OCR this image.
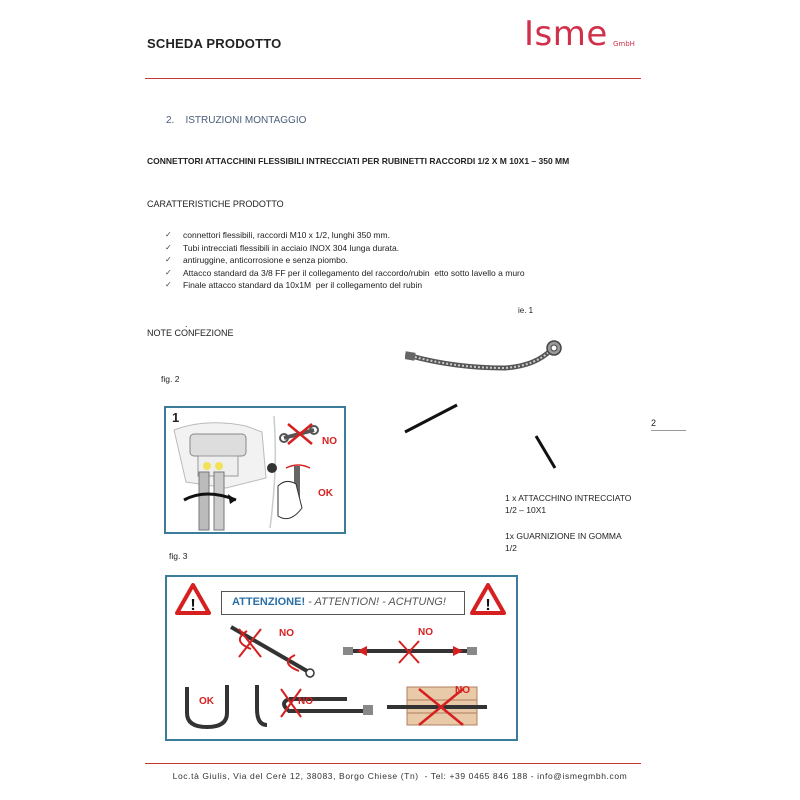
SCHEDA PRODOTTO	Isme GmbH
2.    ISTRUZIONI MONTAGGIO
CONNETTORI ATTACCHINI FLESSIBILI INTRECCIATI PER RUBINETTI RACCORDI 1/2 X M 10X1 – 350 MM
CARATTERISTICHE PRODOTTO
✓ connettori flessibili, raccordi M10 x 1/2, lunghi 350 mm.
✓ Tubi intrecciati flessibili in acciaio INOX 304 lunga durata.
✓ antiruggine, anticorrosione e senza piombo.
✓ Attacco standard da 3/8 FF per il collegamento del raccordo/rubin  etto sotto lavello a muro
✓ Finale attacco standard da 10x1M  per il collegamento del rubin
.
NOTE CONFEZIONE
ie. 1
fig. 2
fig. 3
2

1 x ATTACCHINO INTRECCIATO
1/2 – 10X1

1x GUARNIZIONE IN GOMMA
1/2

1
NO
OK
!	ATTENZIONE! - ATTENTION! - ACHTUNG!	!
NO	NO
OK	NO
NO
Loc.tà Giulis, Via del Cerè 12, 38083, Borgo Chiese (Tn)  - Tel: +39 0465 846 188 - info@ismegmbh.com
